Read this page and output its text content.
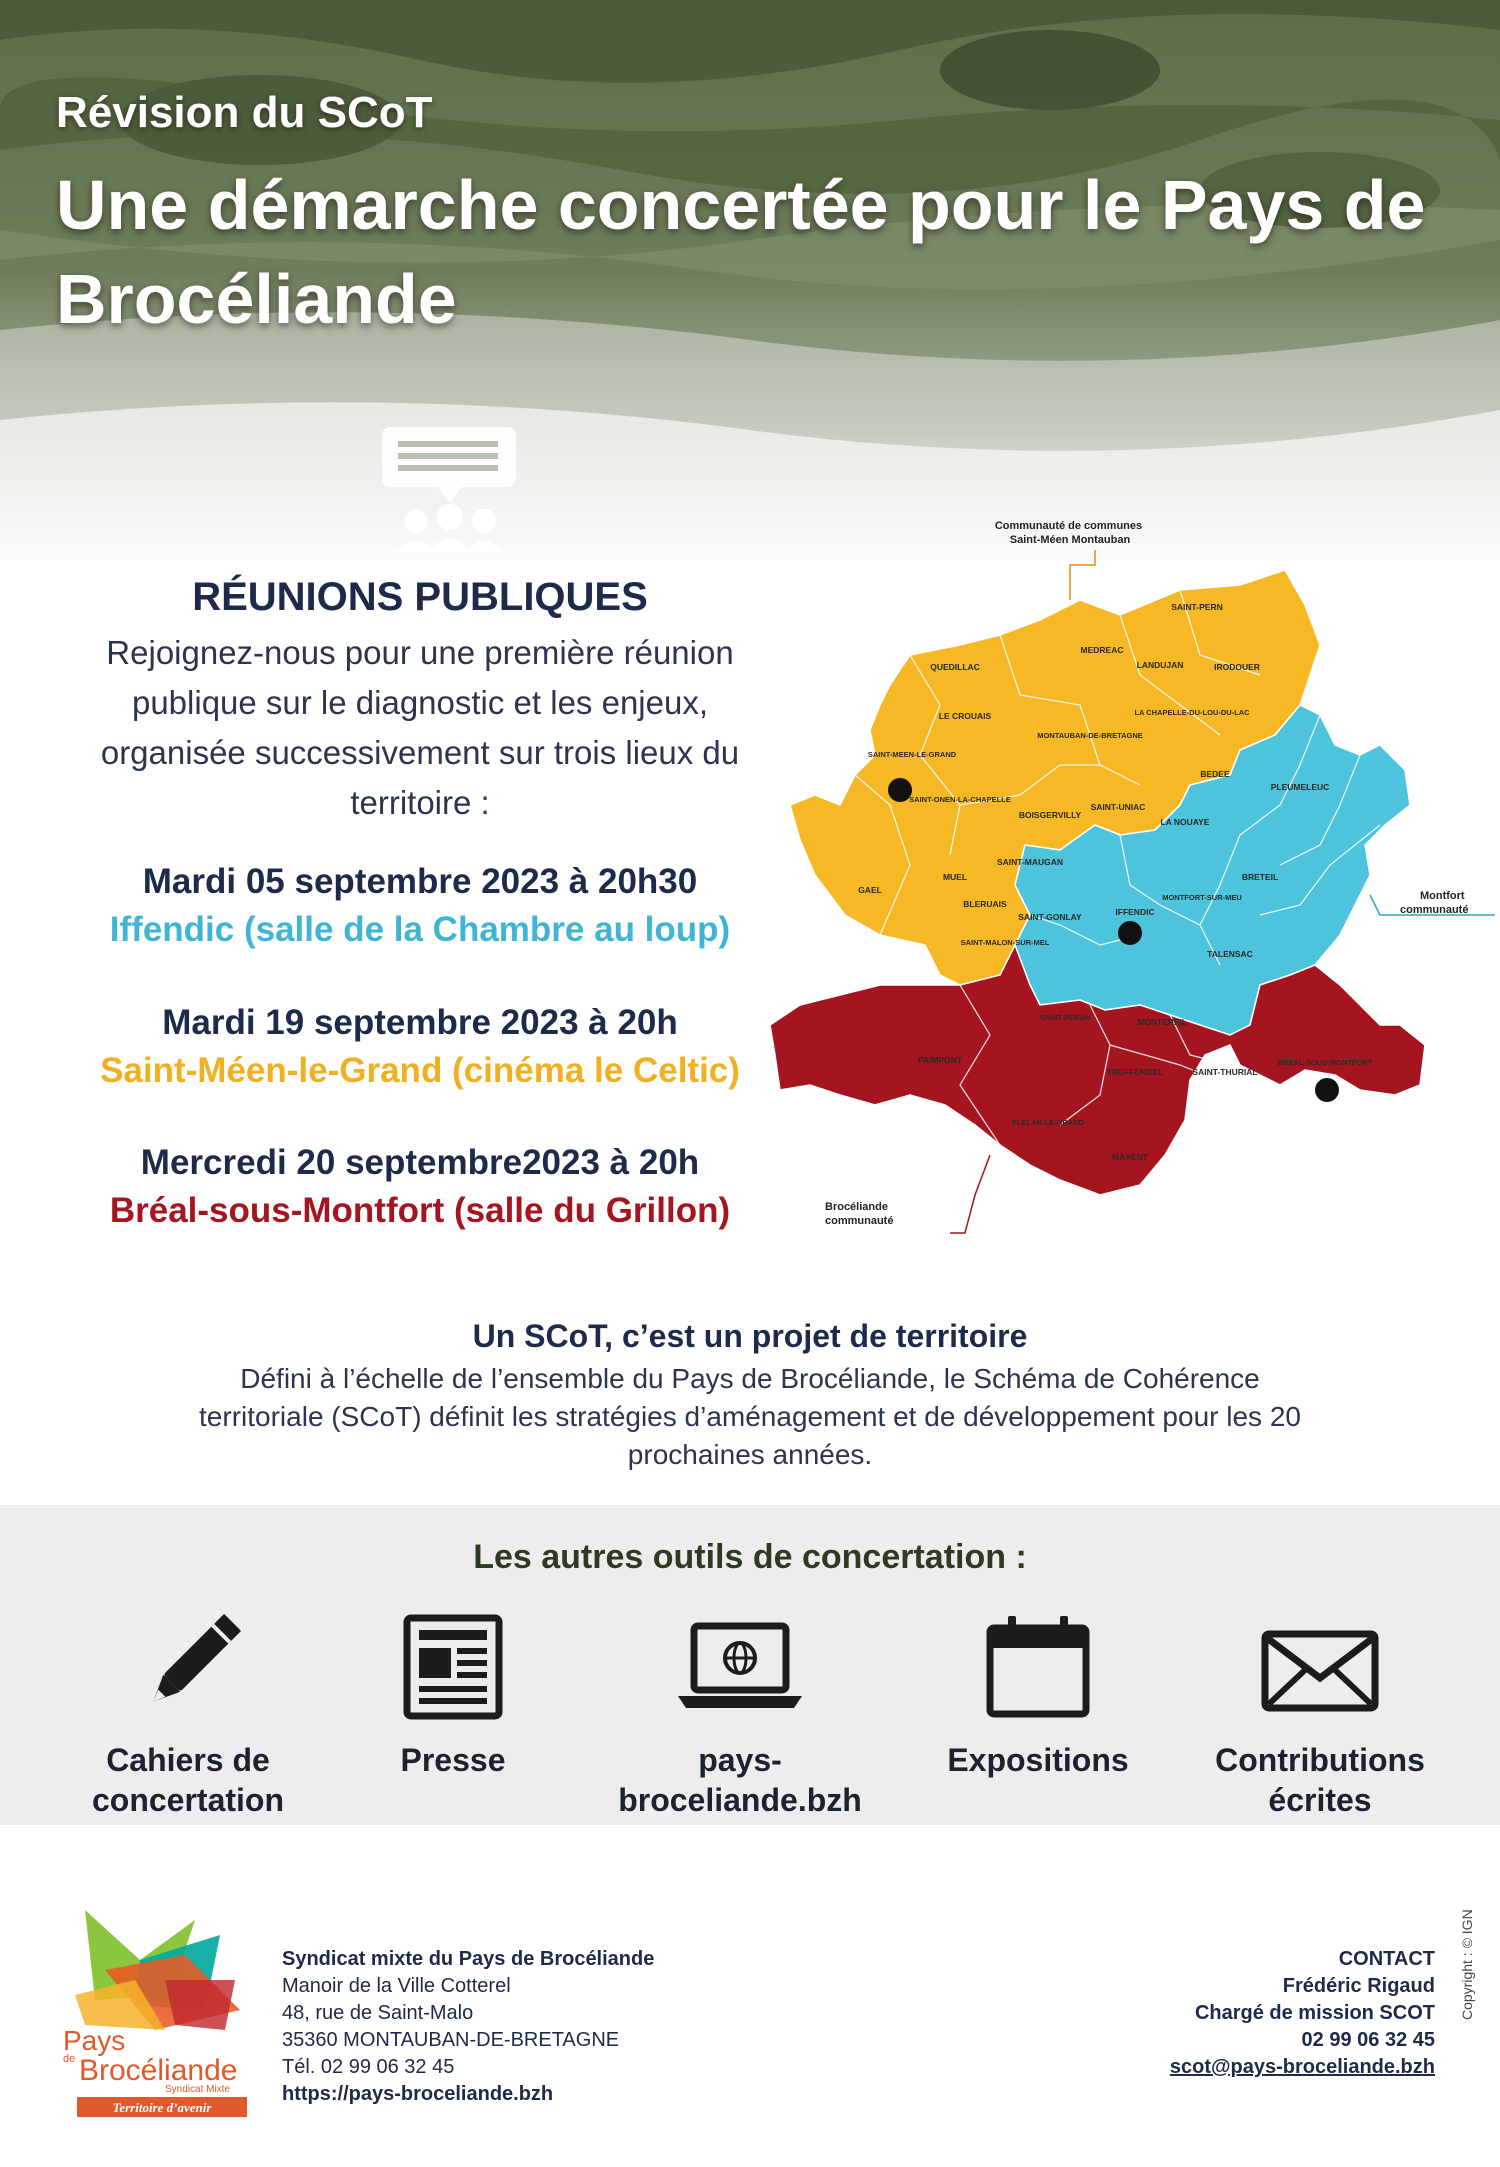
Révision du SCoT
Une démarche concertée pour le Pays de Brocéliande
RÉUNIONS PUBLIQUES
Rejoignez-nous pour une première réunion publique sur le diagnostic et les enjeux, organisée successivement sur trois lieux du territoire :
Mardi 05 septembre 2023 à 20h30
Iffendic (salle de la Chambre au loup)
Mardi 19 septembre 2023 à 20h
Saint-Méen-le-Grand (cinéma le Celtic)
Mercredi 20 septembre2023 à 20h
Bréal-sous-Montfort (salle du Grillon)
SAINT-PERN
MEDREAC
IRODOUER
LANDUJAN
QUEDILLAC
LA CHAPELLE-DU-LOU-DU-LAC
LE CROUAIS
MONTAUBAN-DE-BRETAGNE
SAINT-MEEN-LE-GRAND
BEDEE
PLEUMELEUC
SAINT-ONEN-LA-CHAPELLE
BOISGERVILLY
SAINT-UNIAC
LA NOUAYE
GAEL
MUEL
SAINT-MAUGAN
BRETEIL
MONTFORT-SUR-MEU
IFFENDIC
BLERUAIS
SAINT-GONLAY
TALENSAC
SAINT-MALON-SUR-MEL
SAINT-PERAN	MONTERFIL
PAIMPONT
TREFFENDEL	SAINT-THURIAL
BREAL-SOUS-MONTFORT
PLELAN-LE-GRAND
MAXENT
Communauté de communes Saint-Méen Montauban
Montfort communauté
Brocéliande communauté
Un SCoT, c’est un projet de territoire
Défini à l’échelle de l’ensemble du Pays de Brocéliande, le Schéma de Cohérence territoriale (SCoT) définit les stratégies d’aménagement et de développement pour les 20 prochaines années.
Les autres outils de concertation :
Cahiers de concertation
Presse	pays-broceliande.bzh
Expositions	Contributions écrites
Pays
de Brocéliande
Syndicat Mixte
Territoire d’avenir
Syndicat mixte du Pays de Brocéliande
Manoir de la Ville Cotterel
48, rue de Saint-Malo
35360 MONTAUBAN-DE-BRETAGNE
Tél. 02 99 06 32 45
https://pays-broceliande.bzh
CONTACT
Frédéric Rigaud
Chargé de mission SCOT
02 99 06 32 45
scot@pays-broceliande.bzh
Copyright : © IGN
